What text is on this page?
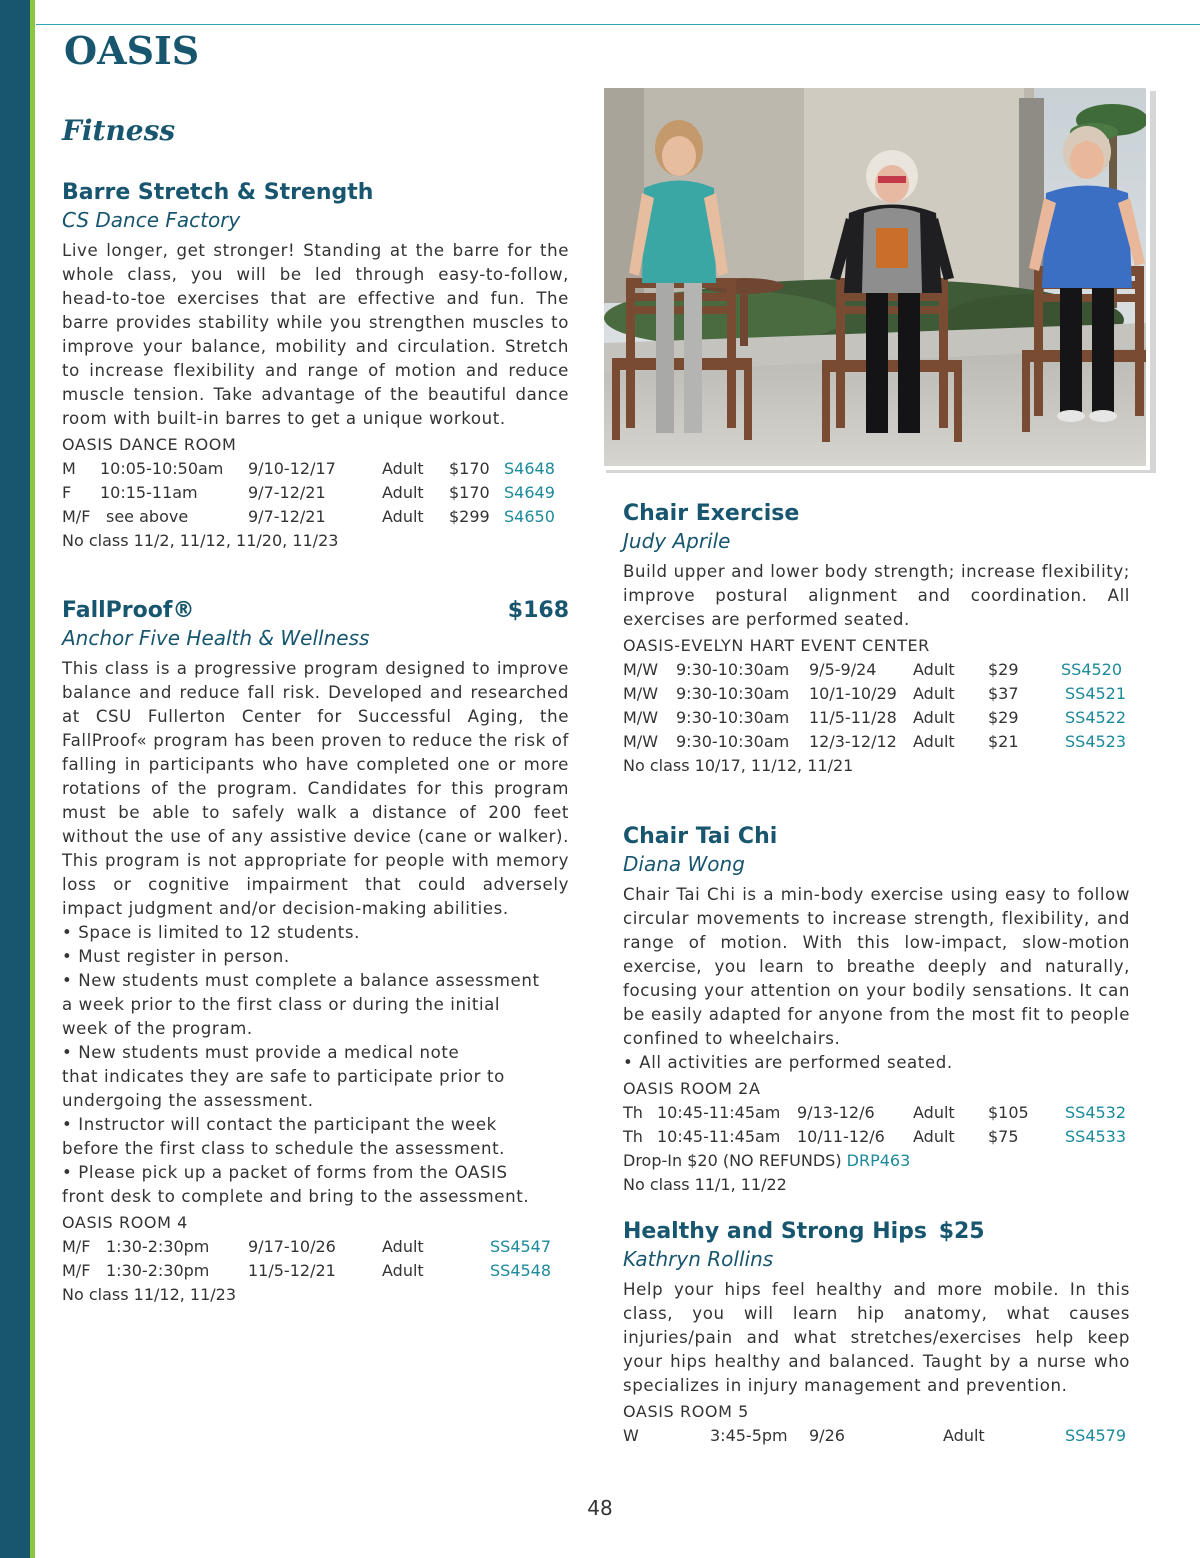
OASIS
Fitness
Barre Stretch & Strength
CS Dance Factory

Live longer, get stronger! Standing at the barre for the whole class, you will be led through easy-to-follow, head-to-toe exercises that are effective and fun. The barre provides stability while you strengthen muscles to improve your balance, mobility and circulation. Stretch to increase flexibility and range of motion and reduce muscle tension. Take advantage of the beautiful dance room with built-in barres to get a unique workout.

OASIS DANCE ROOM
M 10:05-10:50am 9/10-12/17	Adult $170 S4648
F 10:15-11am	9/7-12/21	Adult $170 S4649
M/F see above	9/7-12/21	Adult $299 S4650
No class 11/2, 11/12, 11/20, 11/23
FallProof®	$168
Anchor Five Health & Wellness

This class is a progressive program designed to improve balance and reduce fall risk. Developed and researched at CSU Fullerton Center for Successful Aging, the FallProof« program has been proven to reduce the risk of falling in participants who have completed one or more rotations of the program. Candidates for this program must be able to safely walk a distance of 200 feet without the use of any assistive device (cane or walker). This program is not appropriate for people with memory loss or cognitive impairment that could adversely impact judgment and/or decision-making abilities.

• Space is limited to 12 students.
• Must register in person.
• New students must complete a balance assessment
a week prior to the first class or during the initial
week of the program.
• New students must provide a medical note
that indicates they are safe to participate prior to
undergoing the assessment.
• Instructor will contact the participant the week
before the first class to schedule the assessment.
• Please pick up a packet of forms from the OASIS
front desk to complete and bring to the assessment.
OASIS ROOM 4
M/F 1:30-2:30pm 9/17-10/26	Adult	SS4547
M/F 1:30-2:30pm 11/5-12/21	Adult	SS4548
No class 11/12, 11/23
Chair Exercise
Judy Aprile

Build upper and lower body strength; increase flexibility; improve postural alignment and coordination. All exercises are performed seated.

OASIS-EVELYN HART EVENT CENTER
M/W 9:30-10:30am 9/5-9/24 Adult $29	SS4520
M/W 9:30-10:30am 10/1-10/29 Adult $37	SS4521
M/W 9:30-10:30am 11/5-11/28 Adult $29	SS4522
M/W 9:30-10:30am 12/3-12/12 Adult $21	SS4523
No class 10/17, 11/12, 11/21
Chair Tai Chi
Diana Wong

Chair Tai Chi is a min-body exercise using easy to follow circular movements to increase strength, flexibility, and range of motion. With this low-impact, slow-motion exercise, you learn to breathe deeply and naturally, focusing your attention on your bodily sensations. It can be easily adapted for anyone from the most fit to people confined to wheelchairs.

• All activities are performed seated.
OASIS ROOM 2A
Th 10:45-11:45am 9/13-12/6 Adult $105 SS4532
Th 10:45-11:45am 10/11-12/6 Adult $75	SS4533
Drop-In $20 (NO REFUNDS) DRP463
No class 11/1, 11/22
Healthy and Strong Hips $25
Kathryn Rollins

Help your hips feel healthy and more mobile. In this class, you will learn hip anatomy, what causes injuries/pain and what stretches/exercises help keep your hips healthy and balanced. Taught by a nurse who specializes in injury management and prevention.

OASIS ROOM 5
W	3:45-5pm 9/26	Adult	SS4579
48
